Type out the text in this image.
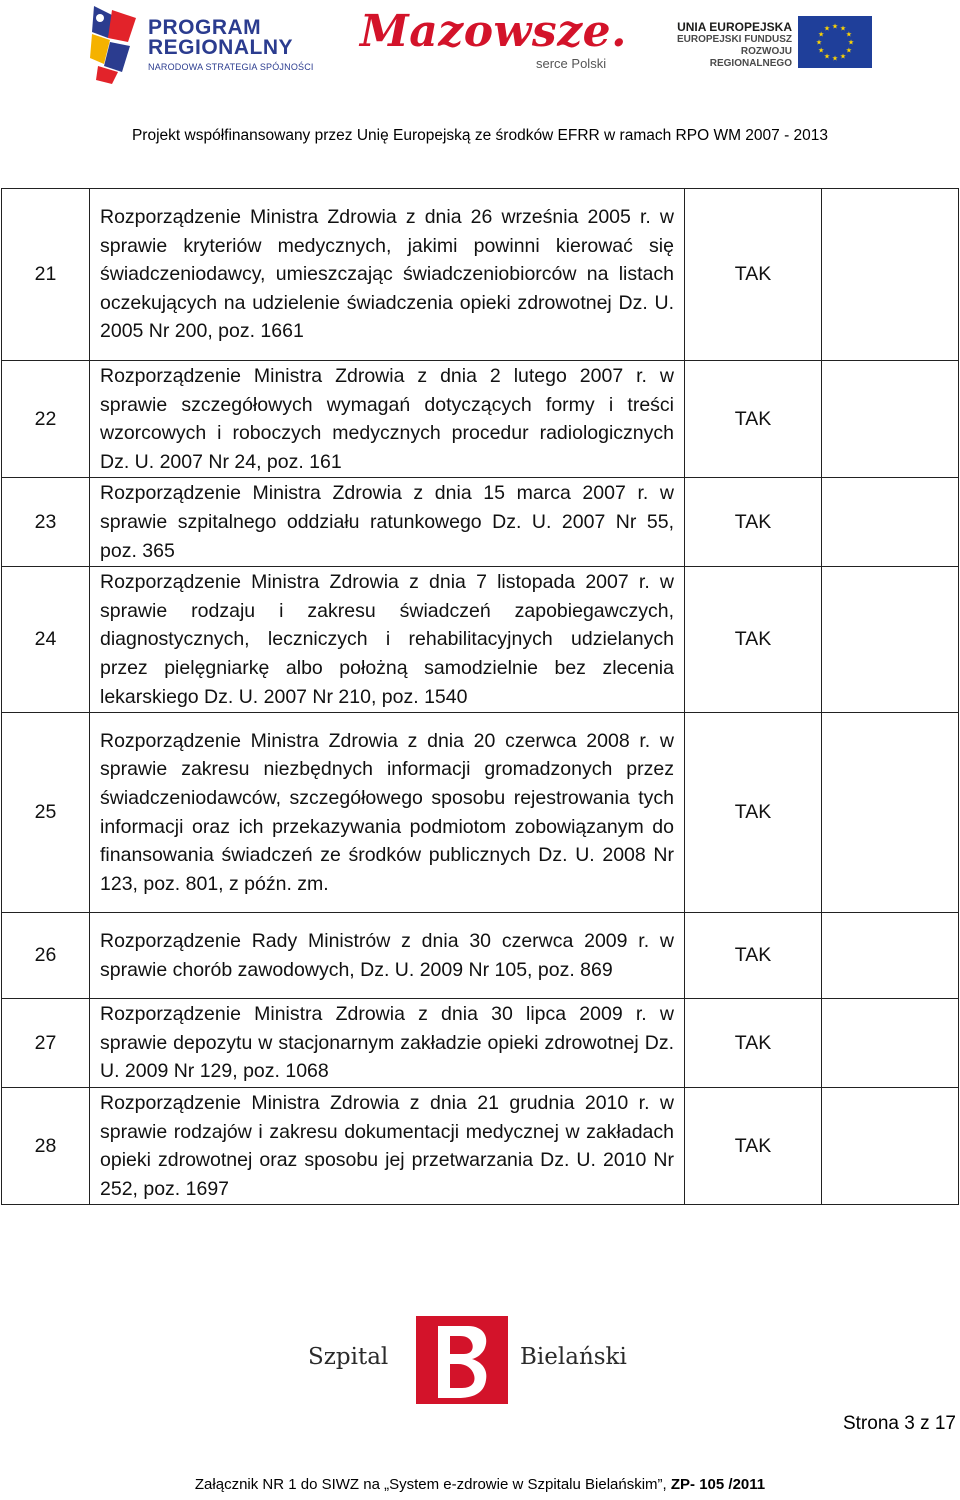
PROGRAM
REGIONALNY
NARODOWA STRATEGIA SPÓJNOŚCI
Mazowsze.
serce Polski
UNIA EUROPEJSKA
EUROPEJSKI FUNDUSZ
ROZWOJU REGIONALNEGO
★ ★
★
★
★
★
★
★
★
★
★
★
Projekt współfinansowany przez Unię Europejską ze środków EFRR w ramach RPO WM 2007 - 2013
21	Rozporządzenie Ministra Zdrowia z dnia 26 września 2005 r. w sprawie kryteriów medycznych, jakimi powinni kierować się świadczeniodawcy, umieszczając świadczeniobiorców na listach oczekujących na udzielenie świadczenia opieki zdrowotnej Dz. U. 2005 Nr 200, poz. 1661	TAK	
22	Rozporządzenie Ministra Zdrowia z dnia 2 lutego 2007 r. w sprawie szczegółowych wymagań dotyczących formy i treści wzorcowych i roboczych medycznych procedur radiologicznych Dz. U. 2007 Nr 24, poz. 161	TAK	
23	Rozporządzenie Ministra Zdrowia z dnia 15 marca 2007 r. w sprawie szpitalnego oddziału ratunkowego Dz. U. 2007 Nr 55, poz. 365	TAK	
24	Rozporządzenie Ministra Zdrowia z dnia 7 listopada 2007 r. w sprawie rodzaju i zakresu świadczeń zapobiegawczych, diagnostycznych, leczniczych i rehabilitacyjnych udzielanych przez pielęgniarkę albo położną samodzielnie bez zlecenia lekarskiego Dz. U. 2007 Nr 210, poz. 1540	TAK	
25	Rozporządzenie Ministra Zdrowia z dnia 20 czerwca 2008 r. w sprawie zakresu niezbędnych informacji gromadzonych przez świadczeniodawców, szczegółowego sposobu rejestrowania tych informacji oraz ich przekazywania podmiotom zobowiązanym do finansowania świadczeń ze środków publicznych Dz. U. 2008 Nr 123, poz. 801, z późn. zm.	TAK	
26	Rozporządzenie Rady Ministrów z dnia 30 czerwca 2009 r. w sprawie chorób zawodowych, Dz. U. 2009 Nr 105, poz. 869	TAK	
27	Rozporządzenie Ministra Zdrowia z dnia 30 lipca 2009 r. w sprawie depozytu w stacjonarnym zakładzie opieki zdrowotnej Dz. U. 2009 Nr 129, poz. 1068	TAK	
28	Rozporządzenie Ministra Zdrowia z dnia 21 grudnia 2010 r. w sprawie rodzajów i zakresu dokumentacji medycznej w zakładach opieki zdrowotnej oraz sposobu jej przetwarzania Dz. U. 2010 Nr 252, poz. 1697	TAK	
Szpital	Bielański
Strona 3 z 17
Załącznik NR 1 do SIWZ na „System e-zdrowie w Szpitalu Bielańskim”, ZP- 105 /2011
